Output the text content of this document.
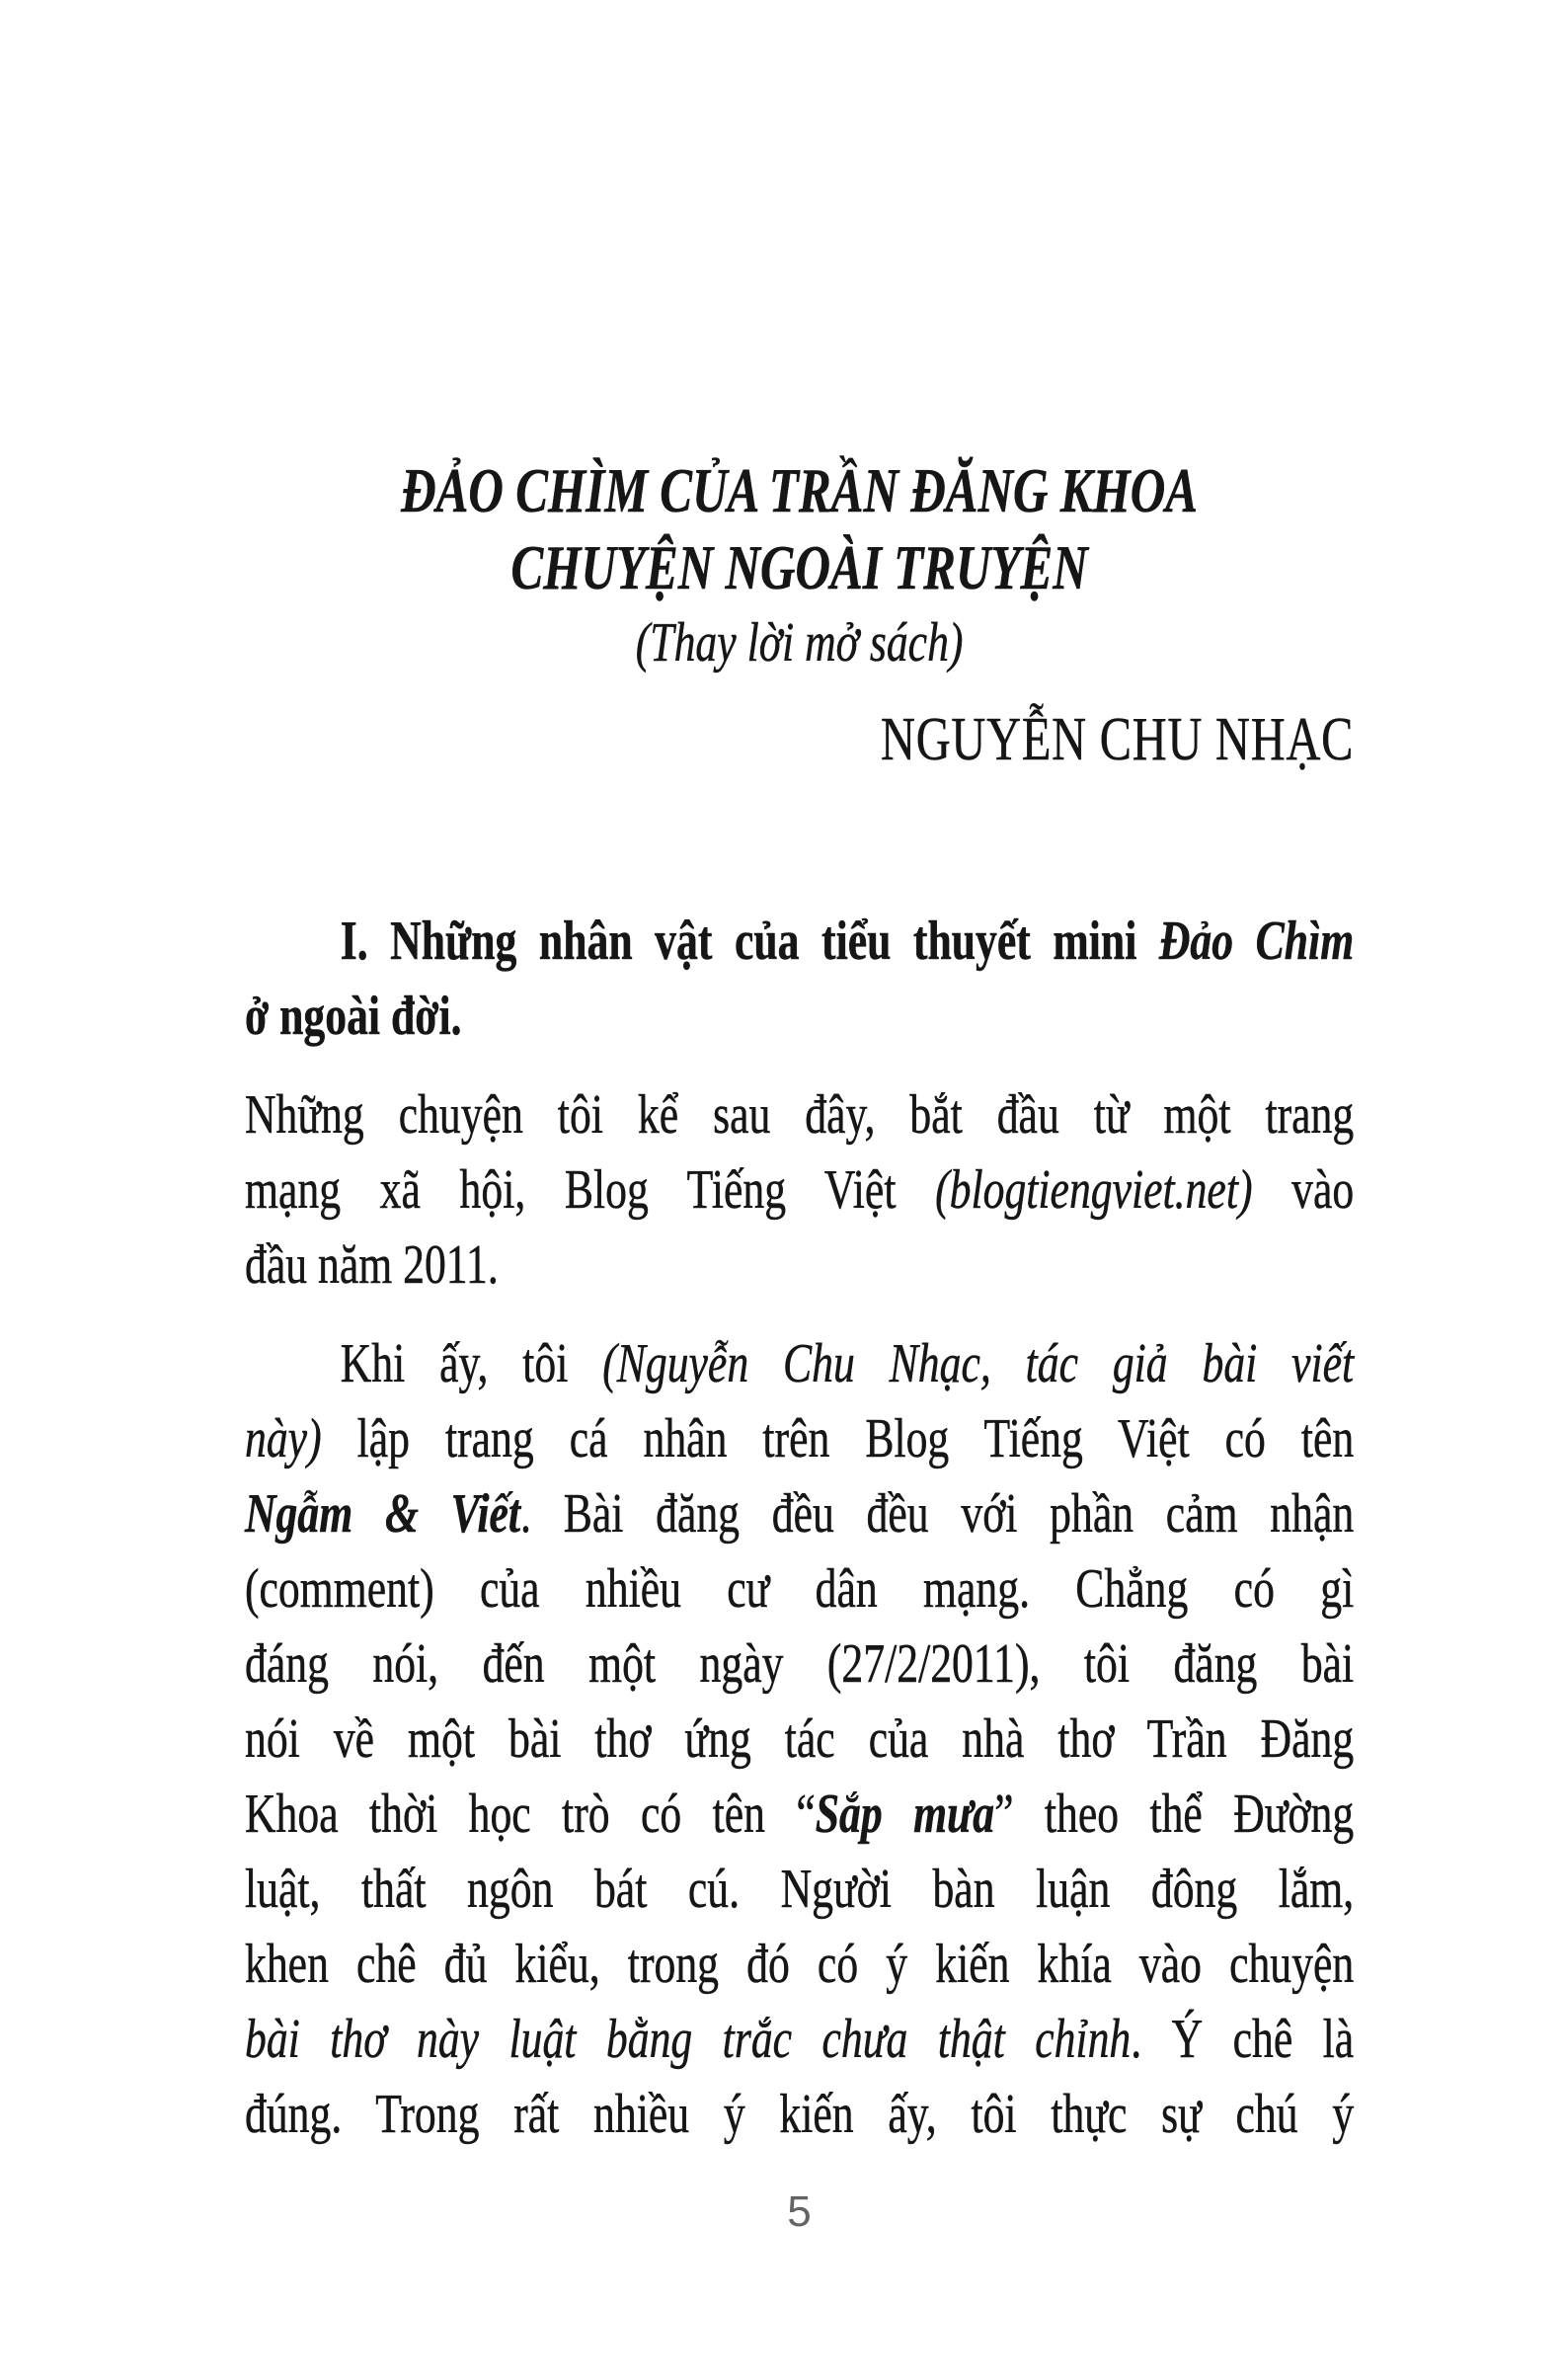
ĐẢO CHÌM CỦA TRẦN ĐĂNG KHOA
CHUYỆN NGOÀI TRUYỆN
(Thay lời mở sách)
NGUYỄN CHU NHẠC
I. Những nhân vật của tiểu thuyết mini Đảo Chìm
ở ngoài đời.
Những chuyện tôi kể sau đây, bắt đầu từ một trang
mạng xã hội, Blog Tiếng Việt (blogtiengviet.net) vào
đầu năm 2011.
Khi ấy, tôi (Nguyễn Chu Nhạc, tác giả bài viết
này) lập trang cá nhân trên Blog Tiếng Việt có tên
Ngẫm & Viết. Bài đăng đều đều với phần cảm nhận
(comment) của nhiều cư dân mạng. Chẳng có gì
đáng nói, đến một ngày (27/2/2011), tôi đăng bài
nói về một bài thơ ứng tác của nhà thơ Trần Đăng
Khoa thời học trò có tên “Sắp mưa” theo thể Đường
luật, thất ngôn bát cú. Người bàn luận đông lắm,
khen chê đủ kiểu, trong đó có ý kiến khía vào chuyện
bài thơ này luật bằng trắc chưa thật chỉnh. Ý chê là
đúng. Trong rất nhiều ý kiến ấy, tôi thực sự chú ý
5
